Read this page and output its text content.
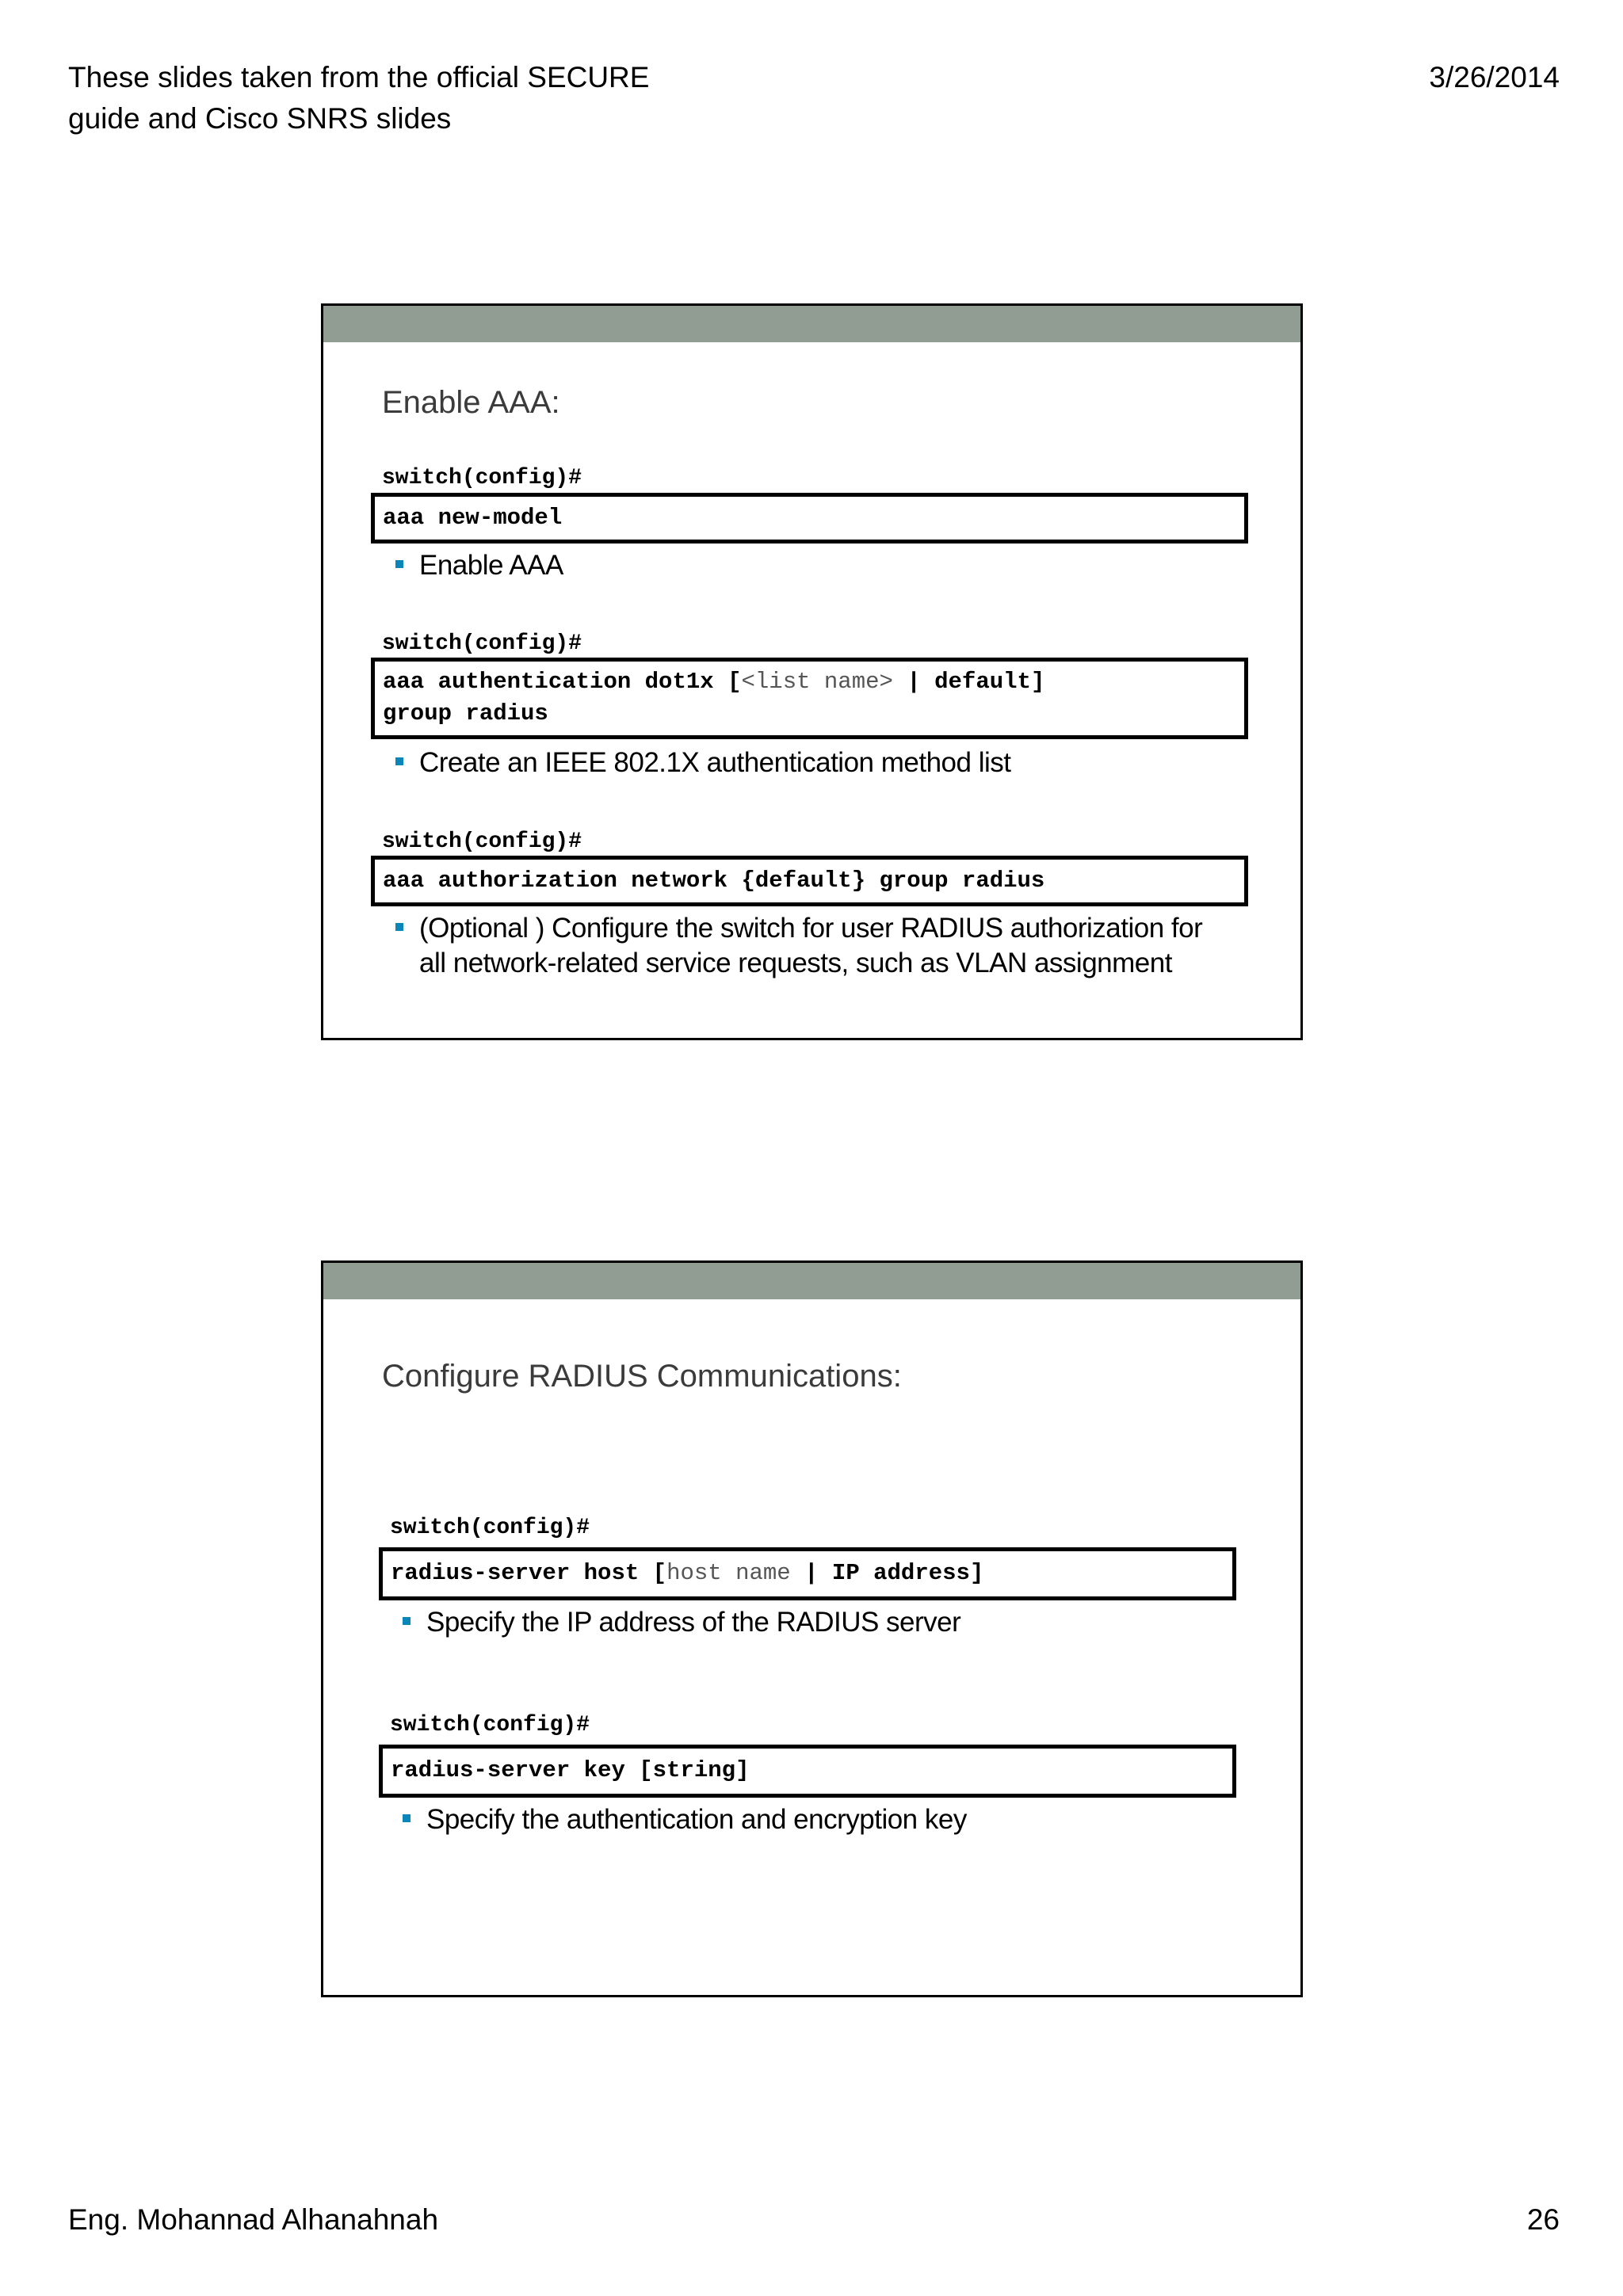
These slides taken from the official SECURE
guide and Cisco SNRS slides
3/26/2014
Enable AAA:
switch(config)#
aaa new-model
Enable AAA
switch(config)#
aaa authentication dot1x [<list name> | default]
group radius
Create an IEEE 802.1X authentication method list
switch(config)#
aaa authorization network {default} group radius
(Optional ) Configure the switch for user RADIUS authorization for
all network-related service requests, such as VLAN assignment
Configure RADIUS Communications:
switch(config)#
radius-server host [host name | IP address]
Specify the IP address of the RADIUS server
switch(config)#
radius-server key [string]
Specify the authentication and encryption key
Eng. Mohannad Alhanahnah	26
